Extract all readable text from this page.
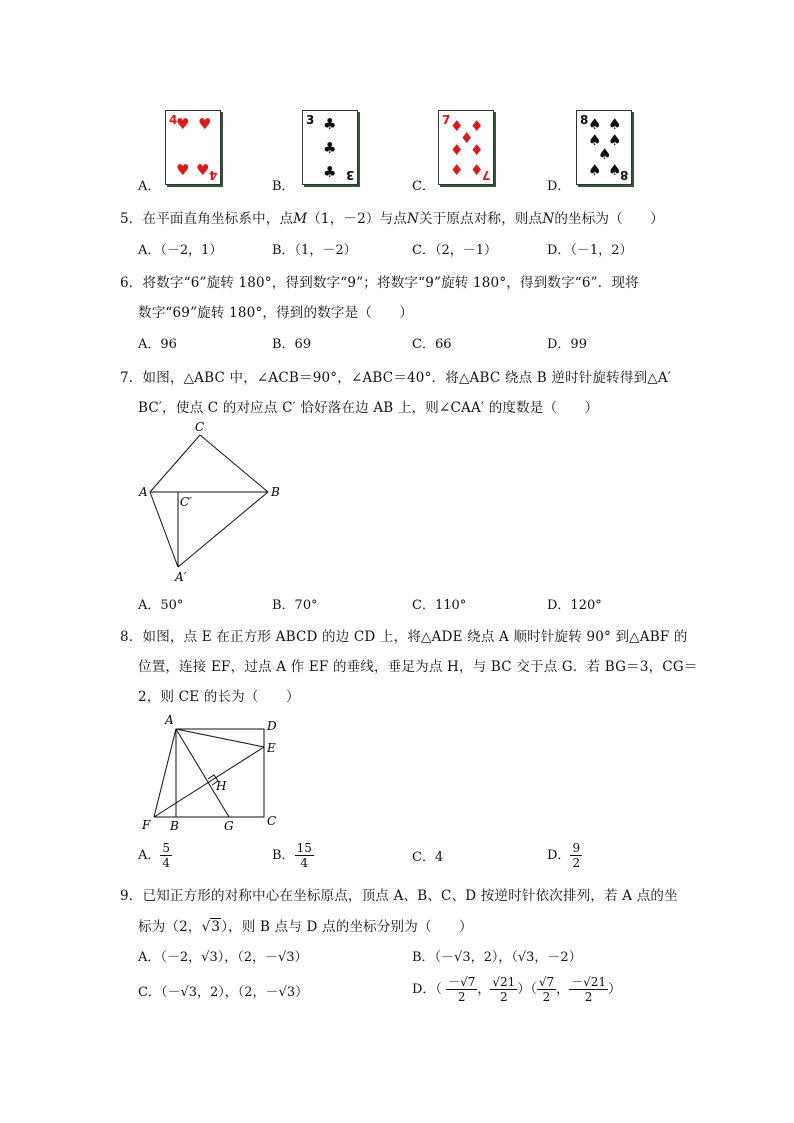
A．
4
♥ ♥
♥ ♥ 4
B．
3 ♣
♣
♣ 3
C．
7 ♦ ♦
♦
♦ ♦
♦ ♦
7
D．
8 ♠ ♠
♠ ♠
♠
♠ ♠
8
5．在平面直角坐标系中，点M（1，－2）与点N关于原点对称，则点N的坐标为（　　）
A．（－2，1）	B．（1，－2）	C．（2，－1）	D．（－1，2）
6．将数字“6”旋转 180°，得到数字“9”；将数字“9”旋转 180°，得到数字“6”．现将
数字“69”旋转 180°，得到的数字是（　　）
A．96	B．69	C．66	D．99
7．如图，△ABC 中，∠ACB＝90°，∠ABC＝40°．将△ABC 绕点 B 逆时针旋转得到△A′
BC′，使点 C 的对应点 C′ 恰好落在边 AB 上，则∠CAA′ 的度数是（　　）
C
A	B
C′
A′
A．50°	B．70°	C．110°	D．120°
8．如图，点 E 在正方形 ABCD 的边 CD 上，将△ADE 绕点 A 顺时针旋转 90° 到△ABF 的
位置，连接 EF，过点 A 作 EF 的垂线，垂足为点 H，与 BC 交于点 G．若 BG＝3，CG＝
2，则 CE 的长为（　　）
A	D
E
H
F B	G	C
A． $\frac{5}{4}$	B． $\frac{15}{4}$	C．4	D． $\frac{9}{2}$
9．已知正方形的对称中心在坐标原点，顶点 A、B、C、D 按逆时针依次排列，若 A 点的坐
标为（2，√3），则 B 点与 D 点的坐标分别为（　　）
A．（－2，√3），（2，－√3）	B．（－√3，2），（√3，－2）
C．（－√3，2），（2，－√3）	D．（ $\frac{-√7}{2}$ ， $\frac{√21}{2}$ ）（ $\frac{√7}{2}$ ， $\frac{-√21}{2}$ ）
